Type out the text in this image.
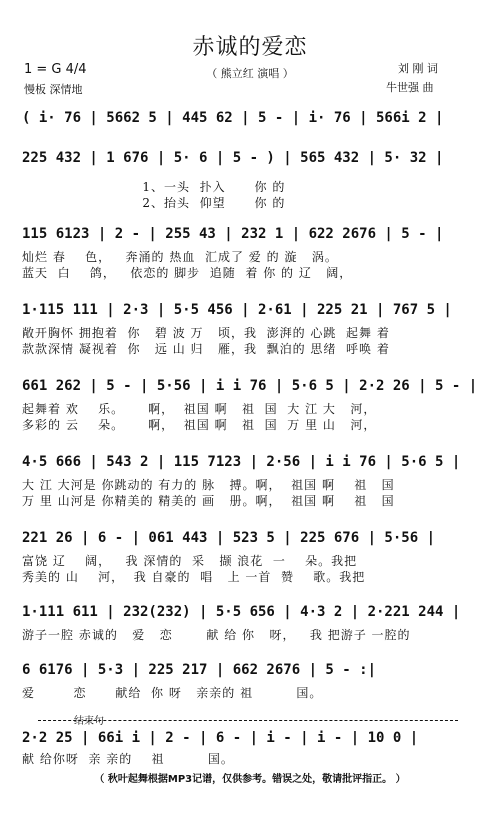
赤诚的爱恋
（ 熊立红 演唱 ）
1 = G 4/4
慢板 深情地
刘 刚 词
牛世强 曲
( i· 76 | 5662 5 | 445 62 | 5 - | i· 76 | 566i 2 |
225 432 | 1 676 | 5· 6 | 5 - ) | 565 432 | 5· 32 |
1、一头  扑入      你 的
2、抬头  仰望      你 的
115 6123 | 2 - | 255 43 | 232 1 | 622 2676 | 5 - |
灿烂 春    色，   奔涌的 热血  汇成了 爱 的 漩   涡。
蓝天  白    鸽，   依恋的 脚步  追随  着 你 的 辽   阔，
1·115 111 | 2·3 | 5·5 456 | 2·61 | 225 21 | 767 5 |
敞开胸怀 拥抱着  你   碧 波 万   顷，我  澎湃的 心跳  起舞 着
款款深情 凝视着  你   远 山 归   雁，我  飘泊的 思绪  呼唤 着
661 262 | 5 - | 5·56 | i i 76 | 5·6 5 | 2·2 26 | 5 - |
起舞着 欢    乐。     啊，  祖国 啊   祖  国  大 江 大   河，
多彩的 云    朵。     啊，  祖国 啊   祖  国  万 里 山   河，
4·5 666 | 543 2 | 115 7123 | 2·56 | i i 76 | 5·6 5 |
大 江 大河是 你跳动的 有力的 脉   搏。啊，  祖国 啊    祖   国
万 里 山河是 你精美的 精美的 画   册。啊，  祖国 啊    祖   国
221 26 | 6 - | 061 443 | 523 5 | 225 676 | 5·56 |
富饶 辽    阔，   我 深情的  采   撷 浪花  一    朵。我把
秀美的 山    河，  我 自豪的  唱   上 一首  赞    歌。我把
1·111 611 | 232(232) | 5·5 656 | 4·3 2 | 2·221 244 |
游子一腔 赤诚的   爱   恋       献 给 你   呀，   我 把游子 一腔的
6 6176 | 5·3 | 225 217 | 662 2676 | 5 - :|
爱        恋      献给  你 呀   亲亲的 祖         国。
结束句
2·2 25 | 66i i | 2 - | 6 - | i - | i - | 10 0 |
献 给你呀  亲 亲的    祖         国。
（ 秋叶起舞根据MP3记谱，仅供参考。错误之处，敬请批评指正。 ）
